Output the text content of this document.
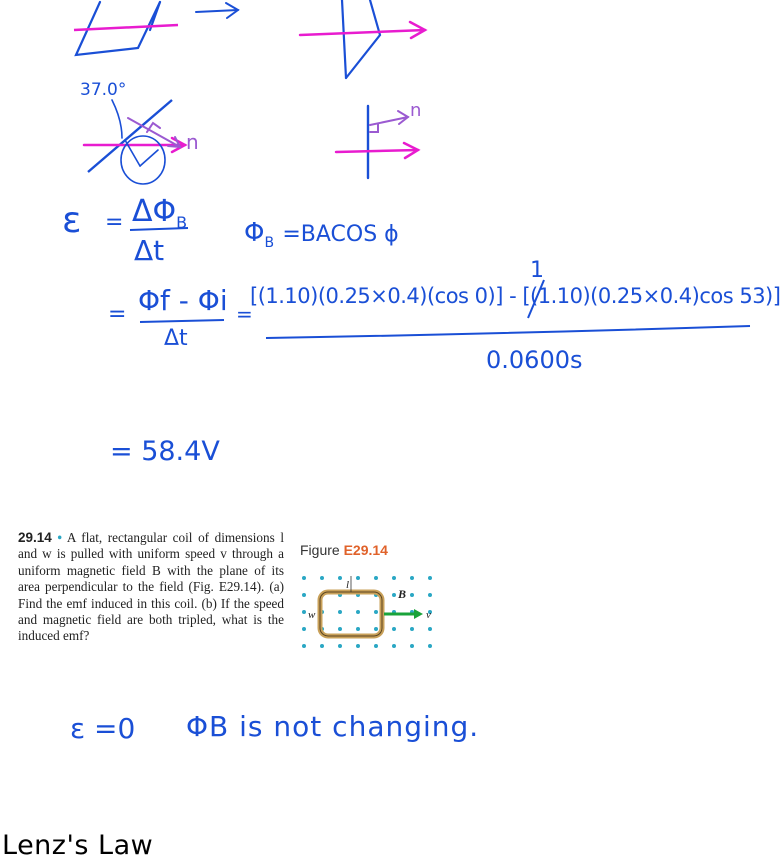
37.0°
n
n
$\varepsilon = \Delta\Phi_B$
Δt
$\Phi_B$ =BACOS ϕ
= Φf - Φi
Δt
=
1
[(1.10)(0.25×0.4)(cos 0)] - [(1.10)(0.25×0.4)cos 53)]
0.0600s
= 58.4V
29.14 • A flat, rectangular coil of dimensions l and w is pulled with uniform speed v through a uniform magnetic field B with the plane of its area perpendicular to the field (Fig. E29.14). (a) Find the emf induced in this coil. (b) If the speed and magnetic field are both tripled, what is the induced emf?
Figure E29.14
l
w
B
v
ε =0 ΦB is not changing.
Lenz's Law
